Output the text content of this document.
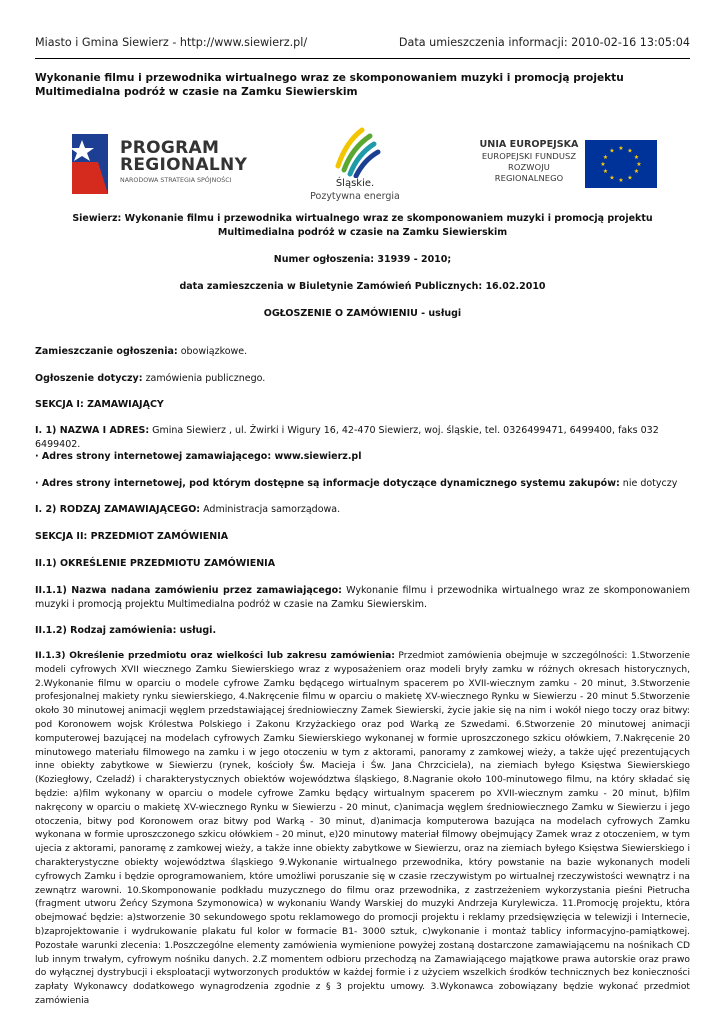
Miasto i Gmina Siewierz - http://www.siewierz.pl/	Data umieszczenia informacji: 2010-02-16 13:05:04
Wykonanie filmu i przewodnika wirtualnego wraz ze skomponowaniem muzyki i promocją projektu Multimedialna podróż w czasie na Zamku Siewierskim
PROGRAM
REGIONALNY
NARODOWA STRATEGIA SPÓJNOŚCI	Śląskie.
Pozytywna energia
UNIA EUROPEJSKA
EUROPEJSKI FUNDUSZ
ROZWOJU REGIONALNEGO
★ ★
★
★
★
★
★
★
★
★
★
★
Siewierz: Wykonanie filmu i przewodnika wirtualnego wraz ze skomponowaniem muzyki i promocją projektu Multimedialna podróż w czasie na Zamku Siewierskim
Numer ogłoszenia: 31939 - 2010;
data zamieszczenia w Biuletynie Zamówień Publicznych: 16.02.2010
OGŁOSZENIE O ZAMÓWIENIU - usługi
Zamieszczanie ogłoszenia: obowiązkowe.
Ogłoszenie dotyczy: zamówienia publicznego.
SEKCJA I: ZAMAWIAJĄCY
I. 1) NAZWA I ADRES: Gmina Siewierz , ul. Żwirki i Wigury 16, 42-470 Siewierz, woj. śląskie, tel. 0326499471, 6499400, faks 032 6499402.
· Adres strony internetowej zamawiającego: www.siewierz.pl
· Adres strony internetowej, pod którym dostępne są informacje dotyczące dynamicznego systemu zakupów: nie dotyczy
I. 2) RODZAJ ZAMAWIAJĄCEGO: Administracja samorządowa.
SEKCJA II: PRZEDMIOT ZAMÓWIENIA
II.1) OKREŚLENIE PRZEDMIOTU ZAMÓWIENIA
II.1.1) Nazwa nadana zamówieniu przez zamawiającego: Wykonanie filmu i przewodnika wirtualnego wraz ze skomponowaniem muzyki i promocją projektu Multimedialna podróż w czasie na Zamku Siewierskim.
II.1.2) Rodzaj zamówienia: usługi.
II.1.3) Określenie przedmiotu oraz wielkości lub zakresu zamówienia: Przedmiot zamówienia obejmuje w szczególności: 1.Stworzenie modeli cyfrowych XVII wiecznego Zamku Siewierskiego wraz z wyposażeniem oraz modeli bryły zamku w różnych okresach historycznych, 2.Wykonanie filmu w oparciu o modele cyfrowe Zamku będącego wirtualnym spacerem po XVII-wiecznym zamku - 20 minut, 3.Stworzenie profesjonalnej makiety rynku siewierskiego, 4.Nakręcenie filmu w oparciu o makietę XV-wiecznego Rynku w Siewierzu - 20 minut 5.Stworzenie około 30 minutowej animacji węglem przedstawiającej średniowieczny Zamek Siewierski, życie jakie się na nim i wokół niego toczy oraz bitwy: pod Koronowem wojsk Królestwa Polskiego i Zakonu Krzyżackiego oraz pod Warką ze Szwedami. 6.Stworzenie 20 minutowej animacji komputerowej bazującej na modelach cyfrowych Zamku Siewierskiego wykonanej w formie uproszczonego szkicu ołówkiem, 7.Nakręcenie 20 minutowego materiału filmowego na zamku i w jego otoczeniu w tym z aktorami, panoramy z zamkowej wieży, a także ujęć prezentujących inne obiekty zabytkowe w Siewierzu (rynek, kościoły Św. Macieja i Św. Jana Chrzciciela), na ziemiach byłego Księstwa Siewierskiego (Koziegłowy, Czeladź) i charakterystycznych obiektów województwa śląskiego, 8.Nagranie około 100-minutowego filmu, na który składać się będzie: a)film wykonany w oparciu o modele cyfrowe Zamku będący wirtualnym spacerem po XVII-wiecznym zamku - 20 minut, b)film nakręcony w oparciu o makietę XV-wiecznego Rynku w Siewierzu - 20 minut, c)animacja węglem średniowiecznego Zamku w Siewierzu i jego otoczenia, bitwy pod Koronowem oraz bitwy pod Warką - 30 minut, d)animacja komputerowa bazująca na modelach cyfrowych Zamku wykonana w formie uproszczonego szkicu ołówkiem - 20 minut, e)20 minutowy materiał filmowy obejmujący Zamek wraz z otoczeniem, w tym ujecia z aktorami, panoramę z zamkowej wieży, a także inne obiekty zabytkowe w Siewierzu, oraz na ziemiach byłego Księstwa Siewierskiego i charakterystyczne obiekty województwa śląskiego 9.Wykonanie wirtualnego przewodnika, który powstanie na bazie wykonanych modeli cyfrowych Zamku i będzie oprogramowaniem, które umożliwi poruszanie się w czasie rzeczywistym po wirtualnej rzeczywistości wewnątrz i na zewnątrz warowni. 10.Skomponowanie podkładu muzycznego do filmu oraz przewodnika, z zastrzeżeniem wykorzystania pieśni Pietrucha (fragment utworu Żeńcy Szymona Szymonowica) w wykonaniu Wandy Warskiej do muzyki Andrzeja Kurylewicza. 11.Promocję projektu, która obejmować będzie: a)stworzenie 30 sekundowego spotu reklamowego do promocji projektu i reklamy przedsięwzięcia w telewizji i Internecie, b)zaprojektowanie i wydrukowanie plakatu ful kolor w formacie B1- 3000 sztuk, c)wykonanie i montaż tablicy informacyjno-pamiątkowej. Pozostałe warunki zlecenia: 1.Poszczególne elementy zamówienia wymienione powyżej zostaną dostarczone zamawiającemu na nośnikach CD lub innym trwałym, cyfrowym nośniku danych. 2.Z momentem odbioru przechodzą na Zamawiającego majątkowe prawa autorskie oraz prawo do wyłącznej dystrybucji i eksploatacji wytworzonych produktów w każdej formie i z użyciem wszelkich środków technicznych bez konieczności zapłaty Wykonawcy dodatkowego wynagrodzenia zgodnie z § 3 projektu umowy. 3.Wykonawca zobowiązany będzie wykonać przedmiot zamówienia
